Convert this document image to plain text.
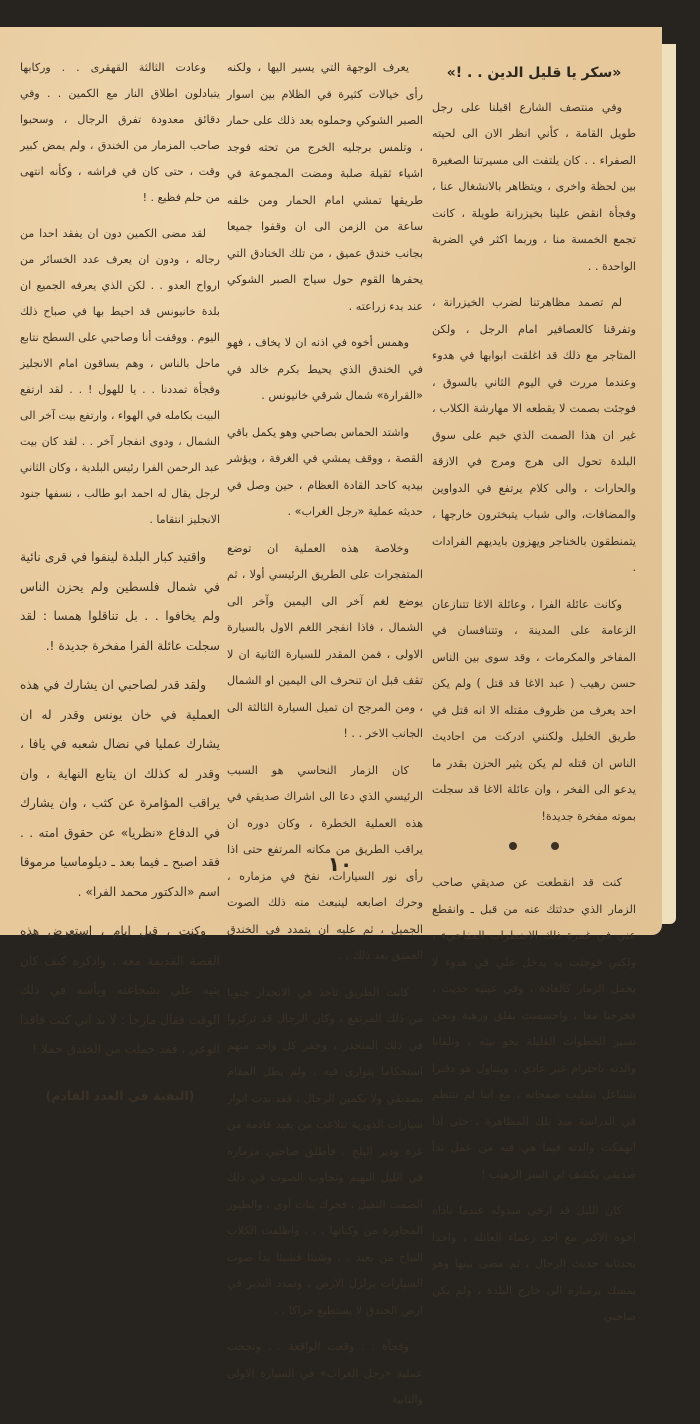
«سكر يا قليل الدين . . !»

وفي منتصف الشارع اقبلنا على رجل طويل القامة ، كأني انظر الان الى لحيته الصفراء . . كان يلتفت الى مسيرتنا الصغيرة بين لحظة واخرى ، ويتظاهر بالانشغال عنا ، وفجأة انقض علينا بخيزرانة طويلة ، كانت تجمع الخمسة منا ، وربما اكثر في الضربة الواحدة . .

لم تصمد مظاهرتنا لضرب الخيزرانة ، وتفرقنا كالعصافير امام الرجل ، ولكن المتاجر مع ذلك قد اغلقت ابوابها في هدوء وعندما مررت في اليوم الثاني بالسوق ، فوجئت بصمت لا يقطعه الا مهارشة الكلاب ، غير ان هذا الصمت الذي خيم على سوق البلدة تحول الى هرج ومرج في الازقة والحارات ، والى كلام يرتفع في الدواوين والمضافات، والى شباب يتبخترون خارجها ، يتمنطقون بالخناجر ويهزون بايديهم الفرادات .

وكانت عائلة الفرا ، وعائلة الاغا تتنازعان الزعامة على المدينة ، وتتنافسان في المفاخر والمكرمات ، وقد سوى بين الناس حسن رهيب ( عبد الاغا قد قتل ) ولم يكن احد يعرف من ظروف مقتله الا انه قتل في طريق الخليل ولكنني ادركت من احاديث الناس ان قتله لم يكن يثير الحزن بقدر ما يدعو الى الفخر ، وان عائلة الاغا قد سجلت بموته مفخرة جديدة!

كنت قد انقطعت عن صديقي صاحب الزمار الذي حدثتك عنه من قبل ـ وانقطع عني في غمرة ذلك الاضطراب المفاجيء ، ولكني فوجئت به يدخل علي في هدوء لا يحمل الزمار كالعادة ، وفي عينيه حديث ، فخرجنا معا ، واحسست بقلق ورهبة ونحن نسير الخطوات القليلة نحو بيته ، وتلقانا والدته باحترام غير عادي ، ويتناول هو دفترا يتشاغل بتقليب صفحاته ، مع اننا لم ننتظم في الدراسة منذ تلك المظاهرة ، حتى اذا انهمكت والدته فيما هي فيه من عمل بدأ صديقي يكشف لي السر الرهيب !

كان الليل قد ارخى سدوله عندما ناداه اخوه الاكبر مع احد زعماء العائلة ، واخذا يحدثانه حديث الرجال ، ثم مضى بينها وهو يمسك بزمباره الى خارج البلدة ، ولم يكن صاحبي

يعرف الوجهة التي يسير اليها ، ولكنه رأى خيالات كثيرة في الظلام بين اسوار الصبر الشوكي وحملوه بعد ذلك على حمار ، وتلمس برجليه الخرج من تحته فوجد اشياء ثقيلة صلبة ومضت المجموعة في طريقها تمشي امام الحمار ومن خلفه ساعة من الزمن الى ان وقفوا جميعا بجانب خندق عميق ، من تلك الخنادق التي يحفرها القوم حول سياج الصبر الشوكي عند بدء زراعته .

وهمس أخوه في اذنه ان لا يخاف ، فهو في الخندق الذي يحيط بكرم خالد في «القرارة» شمال شرقي خانيونس .

واشتد الحماس بصاحبي وهو يكمل باقي القصة ، ووقف يمشي في الغرفة ، ويؤشر بيديه كاحد القادة العظام ، حين وصل في حديثه عملية «رجل الغراب» .

وخلاصة هذه العملية ان توضع المتفجرات على الطريق الرئيسي أولا ، ثم يوضع لغم آخر الى اليمين وآخر الى الشمال ، فاذا انفجر اللغم الاول بالسيارة الاولى ، فمن المقدر للسيارة الثانية ان لا تقف قبل ان تنحرف الى اليمين او الشمال ، ومن المرجح ان تميل السيارة الثالثة الى الجانب الاخر . . !

كان الزمار النحاسي هو السبب الرئيسي الذي دعا الى اشراك صديقي في هذه العملية الخطرة ، وكان دوره ان يراقب الطريق من مكانه المرتفع حتى اذا رأى نور السيارات، نفخ في مزماره ، وحرك اصابعه لينبعث منه ذلك الصوت الجميل ، ثم عليه ان يتمدد في الخندق العميق بعد ذلك . .

كانت الطريق تاخذ في الانحدار جنوبا من ذلك المرتفع ، وكان الرجال قد تركزوا في ذلك المنحدر ، وحفر كل واحد منهم استحكاما يتوارى فيه . ولم يطل المقام بصديقي ولا بكمين الرجال ، فقد بدت انوار سيارات الدورية تتلاعب من بعيد قادمة من غزة ودير البلح . فأطلق صاحبي مزماره في الليل البهيم وتجاوب الصوت في ذلك الصمت الثقيل ، فحرك بنات آوى ، والطيور المجاورة من وكناتها . . . واطلقت الكلاب النباح من بعيد . . وشيئا فشيئا بدأ صوت السيارات يزلزل الارض ، وتمدد النذير في ارض الخندق لا يستطيع حراكا . .

وفجأة . . وقعت الواقعة . . ونجحت عملية «رجل الغراب» في السيارة الاولى والثانية

وعادت الثالثة القهقرى . . وركابها يتبادلون اطلاق النار مع الكمين . . وفي دقائق معدودة تفرق الرجال ، وسحبوا صاحب المزمار من الخندق ، ولم يمض كبير وقت ، حتى كان في فراشه ، وكأنه انتهى من حلم فظيع . !

لقد مضى الكمين دون ان يفقد احدا من رجاله ، ودون ان يعرف عدد الخسائر من ارواح العدو . . لكن الذي يعرفه الجميع ان بلدة خانيونس قد احيط بها في صباح ذلك اليوم . ووقفت أنا وصاحبي على السطح نتابع ماحل بالناس ، وهم يساقون امام الانجليز وفجأة تمددنا . . يا للهول ! . . لقد ارتفع البيت بكامله في الهواء ، وارتفع بيت آخر الى الشمال ، ودوى انفجار آخر . . لقد كان بيت عبد الرحمن الفرا رئيس البلدية ، وكان الثاني لرجل يقال له احمد ابو طالب ، نسفها جنود الانجليز انتقاما .

واقتيد كبار البلدة لينفوا في قرى نائية في شمال فلسطين ولم يحزن الناس ولم يخافوا . . بل تناقلوا همسا : لقد سجلت عائلة الفرا مفخرة جديدة !.

ولقد قدر لصاحبي ان يشارك في هذه العملية في خان يونس وقدر له ان يشارك عمليا في نضال شعبه في يافا ، وقدر له كذلك ان يتابع النهاية ، وان يراقب المؤامرة عن كثب ، وان يشارك في الدفاع «نظريا» عن حقوق امته . . فقد اصبح ـ فيما بعد ـ ديلوماسيا مرموقا اسم «الدكتور محمد الفرا» .

وكنت ، قبل ايام ، استعرض هذه القصة القديمة معه ، واذكره كيف كان يتيه علي بشجاعته وبأسه في ذلك الوقت فقال مازحا : لا بد اني كنت فاقدا الوعي ، فقد حملت من الخندق حملا !

(البقية في العدد القادم)
١٠
